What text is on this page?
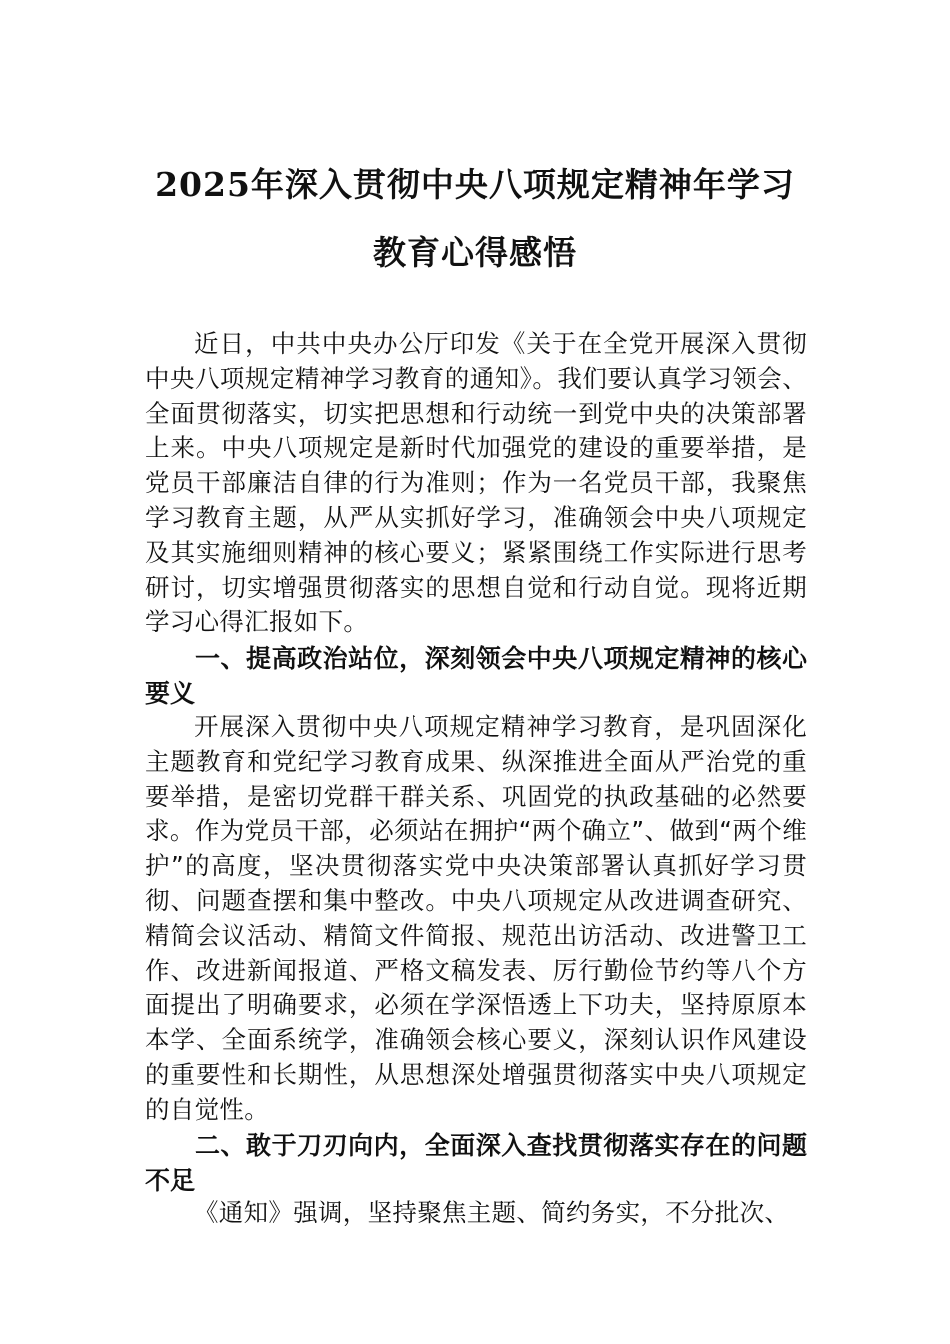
2025年深入贯彻中央八项规定精神年学习
教育心得感悟

近日，中共中央办公厅印发《关于在全党开展深入贯彻中央八项规定精神学习教育的通知》。我们要认真学习领会、全面贯彻落实，切实把思想和行动统一到党中央的决策部署上来。中央八项规定是新时代加强党的建设的重要举措，是党员干部廉洁自律的行为准则；作为一名党员干部，我聚焦学习教育主题，从严从实抓好学习，准确领会中央八项规定及其实施细则精神的核心要义；紧紧围绕工作实际进行思考研讨，切实增强贯彻落实的思想自觉和行动自觉。现将近期学习心得汇报如下。

一、提高政治站位，深刻领会中央八项规定精神的核心要义

开展深入贯彻中央八项规定精神学习教育，是巩固深化主题教育和党纪学习教育成果、纵深推进全面从严治党的重要举措，是密切党群干群关系、巩固党的执政基础的必然要求。作为党员干部，必须站在拥护“两个确立”、做到“两个维护”的高度，坚决贯彻落实党中央决策部署认真抓好学习贯彻、问题查摆和集中整改。中央八项规定从改进调查研究、精简会议活动、精简文件简报、规范出访活动、改进警卫工作、改进新闻报道、严格文稿发表、厉行勤俭节约等八个方面提出了明确要求，必须在学深悟透上下功夫，坚持原原本本学、全面系统学，准确领会核心要义，深刻认识作风建设的重要性和长期性，从思想深处增强贯彻落实中央八项规定的自觉性。

二、敢于刀刃向内，全面深入查找贯彻落实存在的问题不足

《通知》强调，坚持聚焦主题、简约务实，不分批次、
